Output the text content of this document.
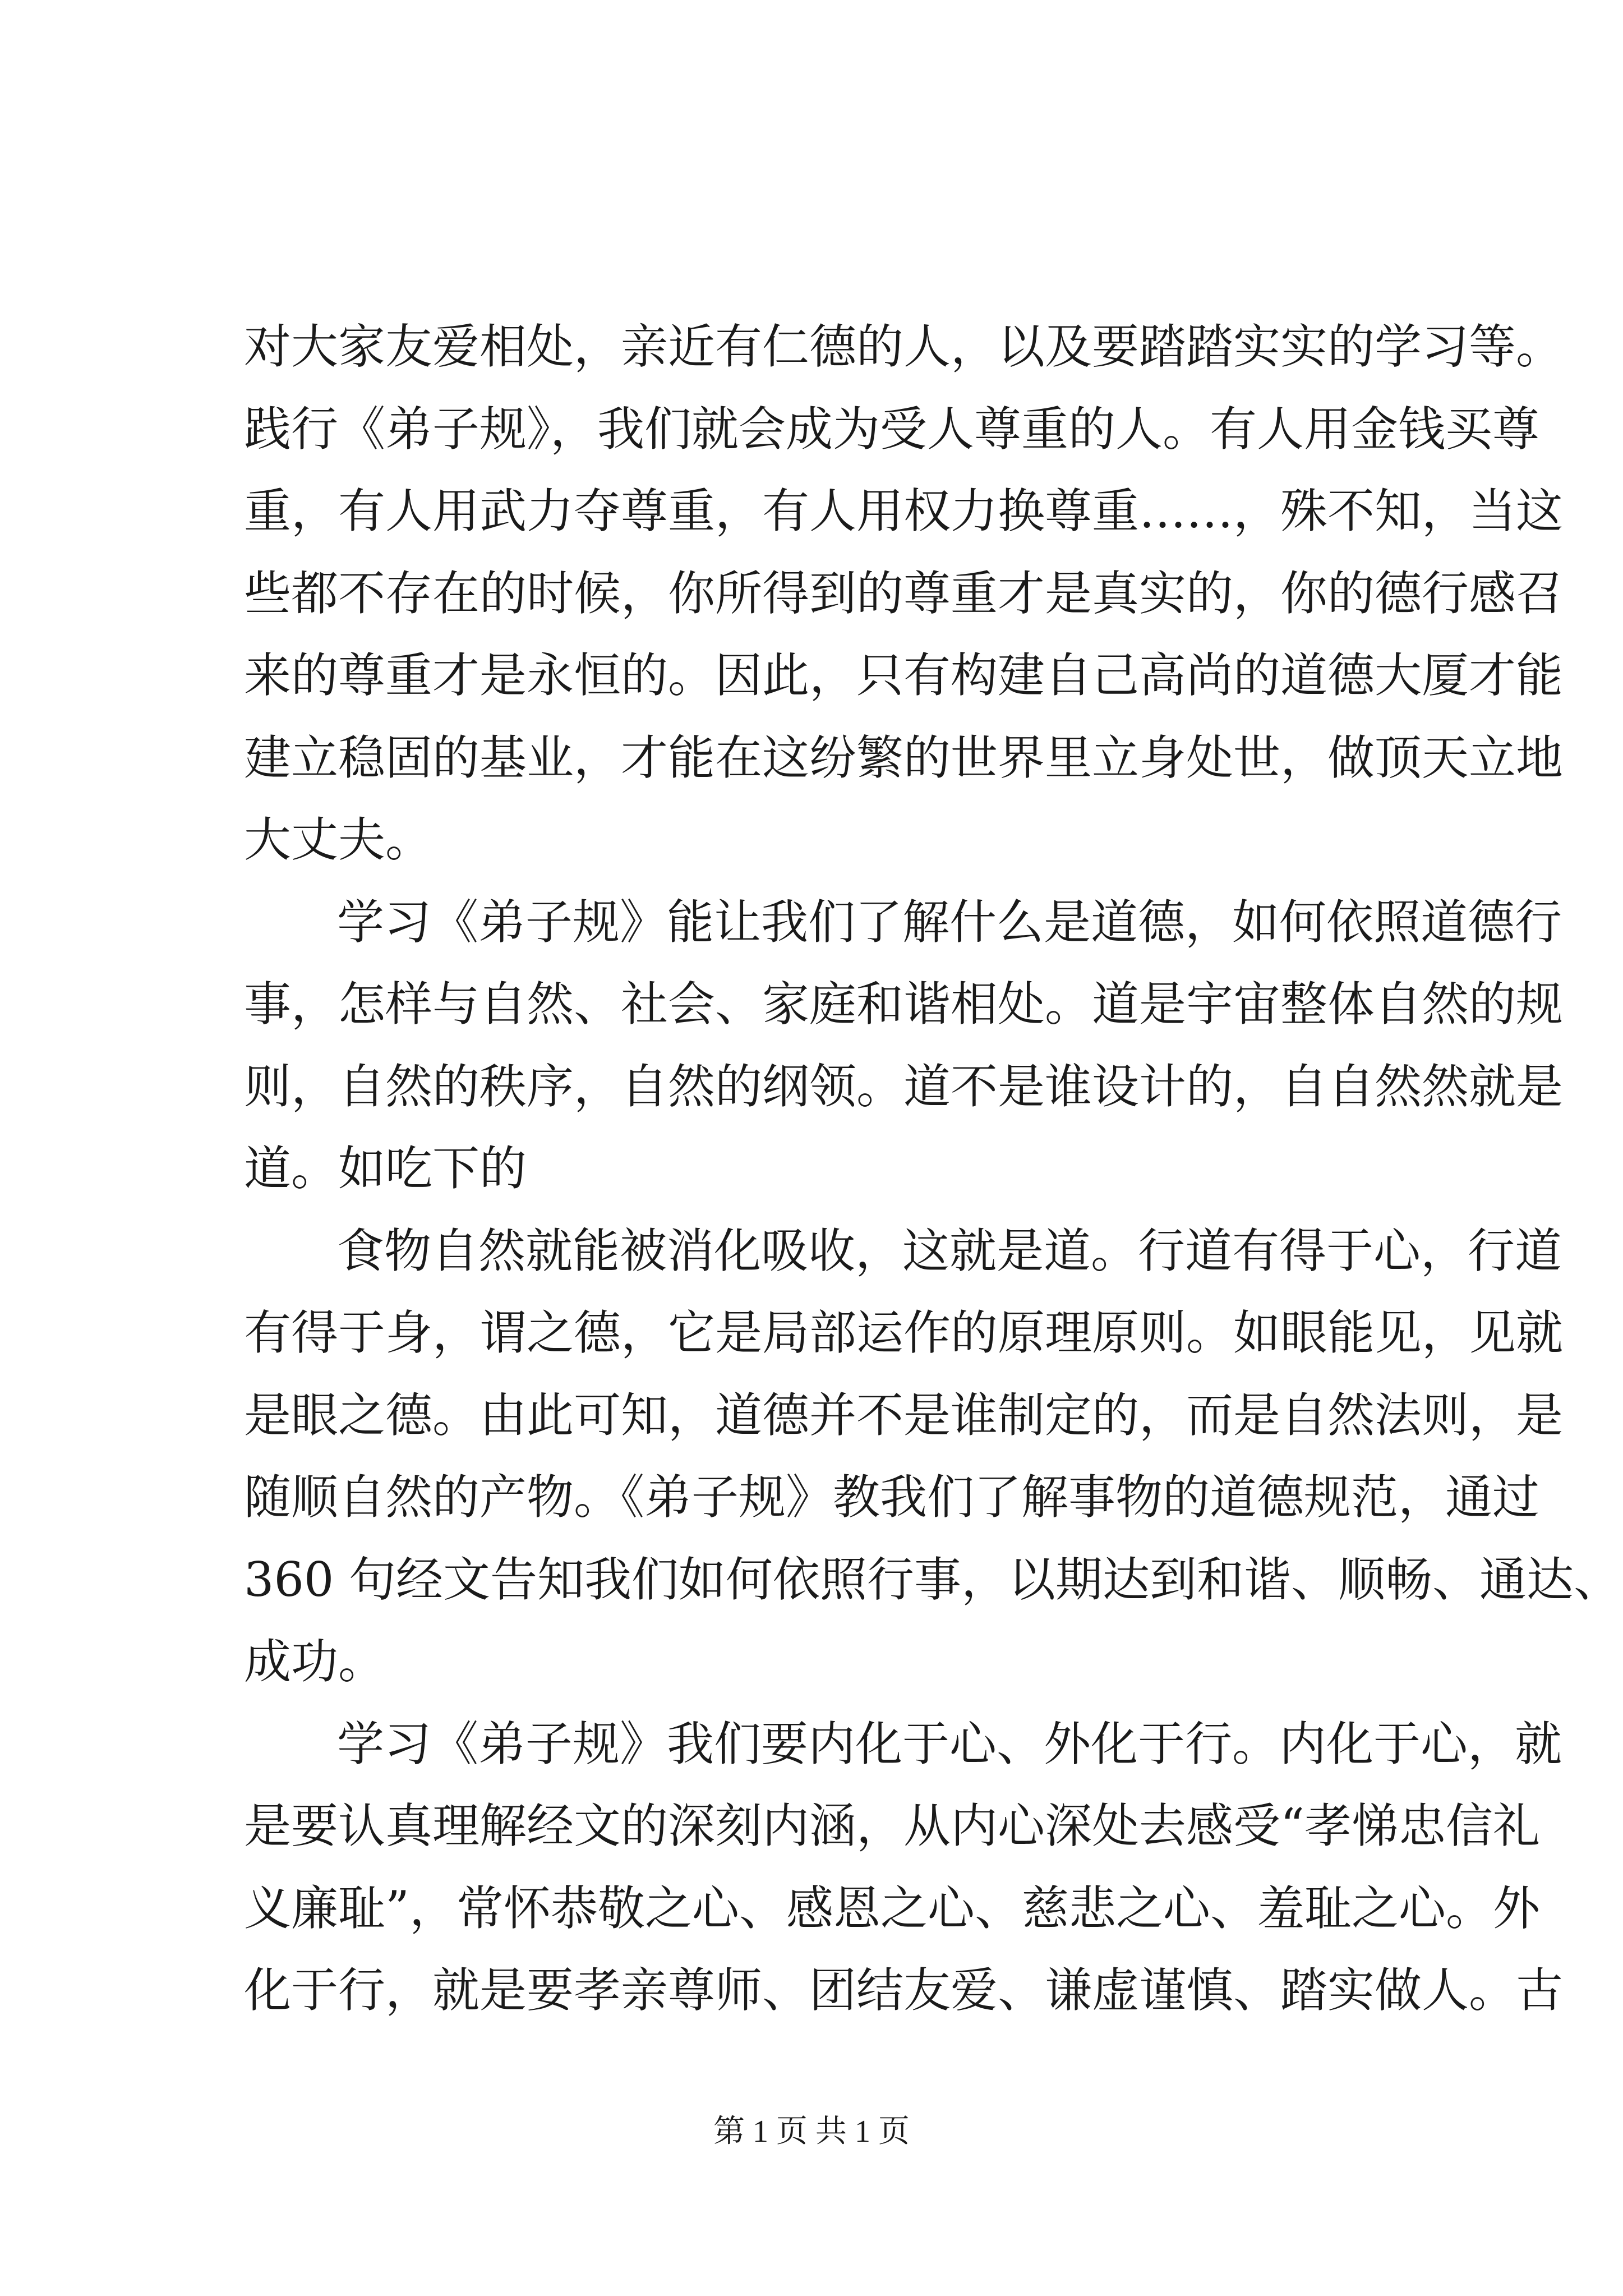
对大家友爱相处，亲近有仁德的人，以及要踏踏实实的学习等。
践行《弟子规》，我们就会成为受人尊重的人。有人用金钱买尊
重，有人用武力夺尊重，有人用权力换尊重……，殊不知，当这
些都不存在的时候，你所得到的尊重才是真实的，你的德行感召
来的尊重才是永恒的。因此，只有构建自己高尚的道德大厦才能
建立稳固的基业，才能在这纷繁的世界里立身处世，做顶天立地
大丈夫。
学习《弟子规》能让我们了解什么是道德，如何依照道德行
事，怎样与自然、社会、家庭和谐相处。道是宇宙整体自然的规
则，自然的秩序，自然的纲领。道不是谁设计的，自自然然就是
道。如吃下的
食物自然就能被消化吸收，这就是道。行道有得于心，行道
有得于身，谓之德，它是局部运作的原理原则。如眼能见，见就
是眼之德。由此可知，道德并不是谁制定的，而是自然法则，是
随顺自然的产物。《弟子规》教我们了解事物的道德规范，通过
360 句经文告知我们如何依照行事，以期达到和谐、顺畅、通达、
成功。
学习《弟子规》我们要内化于心、外化于行。内化于心，就
是要认真理解经文的深刻内涵，从内心深处去感受“孝悌忠信礼
义廉耻”，常怀恭敬之心、感恩之心、慈悲之心、羞耻之心。外
化于行，就是要孝亲尊师、团结友爱、谦虚谨慎、踏实做人。古
第 1 页 共 1 页
